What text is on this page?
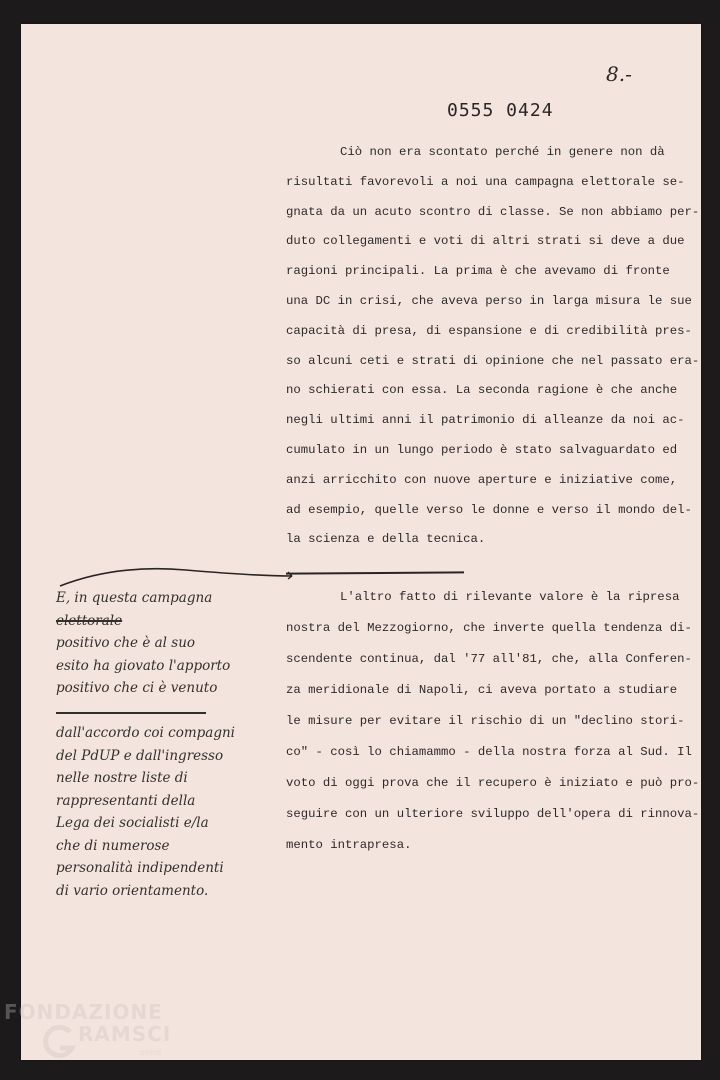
8.-
0555 0424
Ciò non era scontato perché in genere non dà
risultati favorevoli a noi una campagna elettorale se-
gnata da un acuto scontro di classe. Se non abbiamo per-
duto collegamenti e voti di altri strati si deve a due
ragioni principali. La prima è che avevamo di fronte
una DC in crisi, che aveva perso in larga misura le sue
capacità di presa, di espansione e di credibilità pres-
so alcuni ceti e strati di opinione che nel passato era-
no schierati con essa. La seconda ragione è che anche
negli ultimi anni il patrimonio di alleanze da noi ac-
cumulato in un lungo periodo è stato salvaguardato ed
anzi arricchito con nuove aperture e iniziative come,
ad esempio, quelle verso le donne e verso il mondo del-
la scienza e della tecnica.
L'altro fatto di rilevante valore è la ripresa
nostra del Mezzogiorno, che inverte quella tendenza di-
scendente continua, dal '77 all'81, che, alla Conferen-
za meridionale di Napoli, ci aveva portato a studiare
le misure per evitare il rischio di un "declino stori-
co" - così lo chiamammo - della nostra forza al Sud. Il
voto di oggi prova che il recupero è iniziato e può pro-
seguire con un ulteriore sviluppo dell'opera di rinnova-
mento intrapresa.
E, in questa campagna
elettorale
positivo che è al suo
esito ha giovato l'apporto
positivo che ci è venuto
dall'accordo coi compagni
del PdUP e dall'ingresso
nelle nostre liste di
rappresentanti della
Lega dei socialisti e/la
che di numerose
personalità indipendenti
di vario orientamento.
FONDAZIONE
RAMSCI
onlus
